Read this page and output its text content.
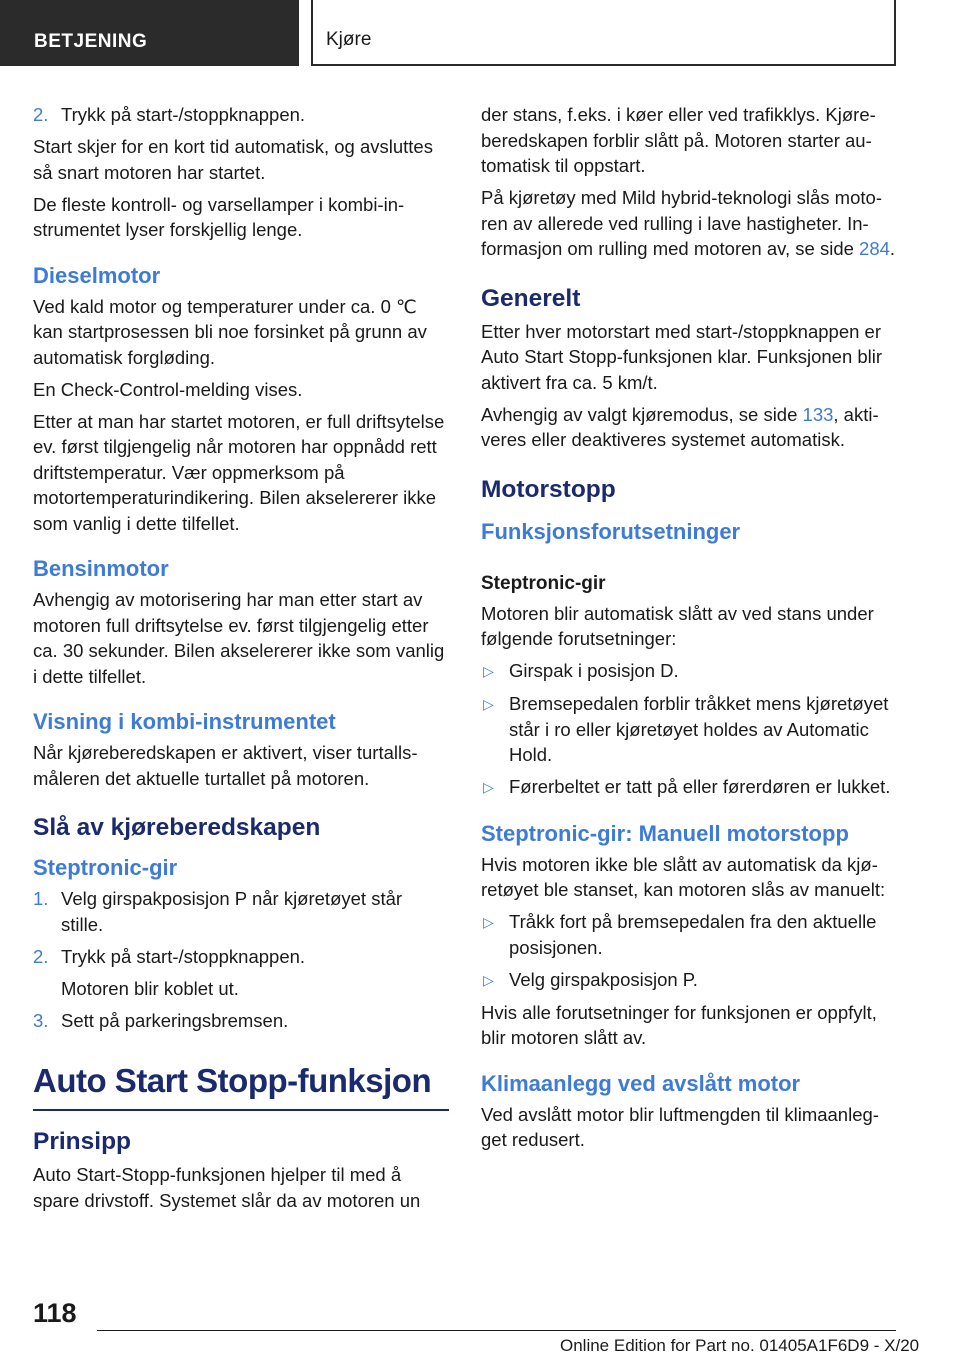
BETJENING	Kjøre
2. Trykk på start-/stoppknappen.

Start skjer for en kort tid automatisk, og avsluttes så snart motoren har startet.

De fleste kontroll- og varsellamper i kombi-instrumentet lyser forskjellig lenge.

Dieselmotor

Ved kald motor og temperaturer under ca. 0 ℃ kan startprosessen bli noe forsinket på grunn av automatisk forgløding.

En Check-Control-melding vises.

Etter at man har startet motoren, er full driftsytelse ev. først tilgjengelig når motoren har oppnådd rett driftstemperatur. Vær oppmerksom på motortemperaturindikering. Bilen akselererer ikke som vanlig i dette tilfellet.

Bensinmotor

Avhengig av motorisering har man etter start av motoren full driftsytelse ev. først tilgjengelig etter ca. 30 sekunder. Bilen akselererer ikke som vanlig i dette tilfellet.

Visning i kombi-instrumentet

Når kjøreberedskapen er aktivert, viser turtallsmåleren det aktuelle turtallet på motoren.

Slå av kjøreberedskapen
Steptronic-gir
1. Velg girspakposisjon P når kjøretøyet står stille.
2. Trykk på start-/stoppknappen.

Motoren blir koblet ut.

3. Sett på parkeringsbremsen.
Auto Start Stopp-funksjon
Prinsipp

Auto Start-Stopp-funksjonen hjelper til med å spare drivstoff. Systemet slår da av motoren un

der stans, f.eks. i køer eller ved trafikklys. Kjøreberedskapen forblir slått på. Motoren starter automatisk til oppstart.

På kjøretøy med Mild hybrid-teknologi slås motoren av allerede ved rulling i lave hastigheter. Informasjon om rulling med motoren av, se side 284.

Generelt

Etter hver motorstart med start-/stoppknappen er Auto Start Stopp-funksjonen klar. Funksjonen blir aktivert fra ca. 5 km/t.

Avhengig av valgt kjøremodus, se side 133, aktiveres eller deaktiveres systemet automatisk.

Motorstopp
Funksjonsforutsetninger
Steptronic-gir

Motoren blir automatisk slått av ved stans under følgende forutsetninger:

▷ Girspak i posisjon D.
▷ Bremsepedalen forblir tråkket mens kjøretøyet står i ro eller kjøretøyet holdes av Automatic Hold.
▷ Førerbeltet er tatt på eller førerdøren er lukket.
Steptronic-gir: Manuell motorstopp

Hvis motoren ikke ble slått av automatisk da kjøretøyet ble stanset, kan motoren slås av manuelt:

▷ Tråkk fort på bremsepedalen fra den aktuelle posisjonen.
▷ Velg girspakposisjon P.

Hvis alle forutsetninger for funksjonen er oppfylt, blir motoren slått av.

Klimaanlegg ved avslått motor

Ved avslått motor blir luftmengden til klimaanlegget redusert.

118
Online Edition for Part no. 01405A1F6D9 - X/20
